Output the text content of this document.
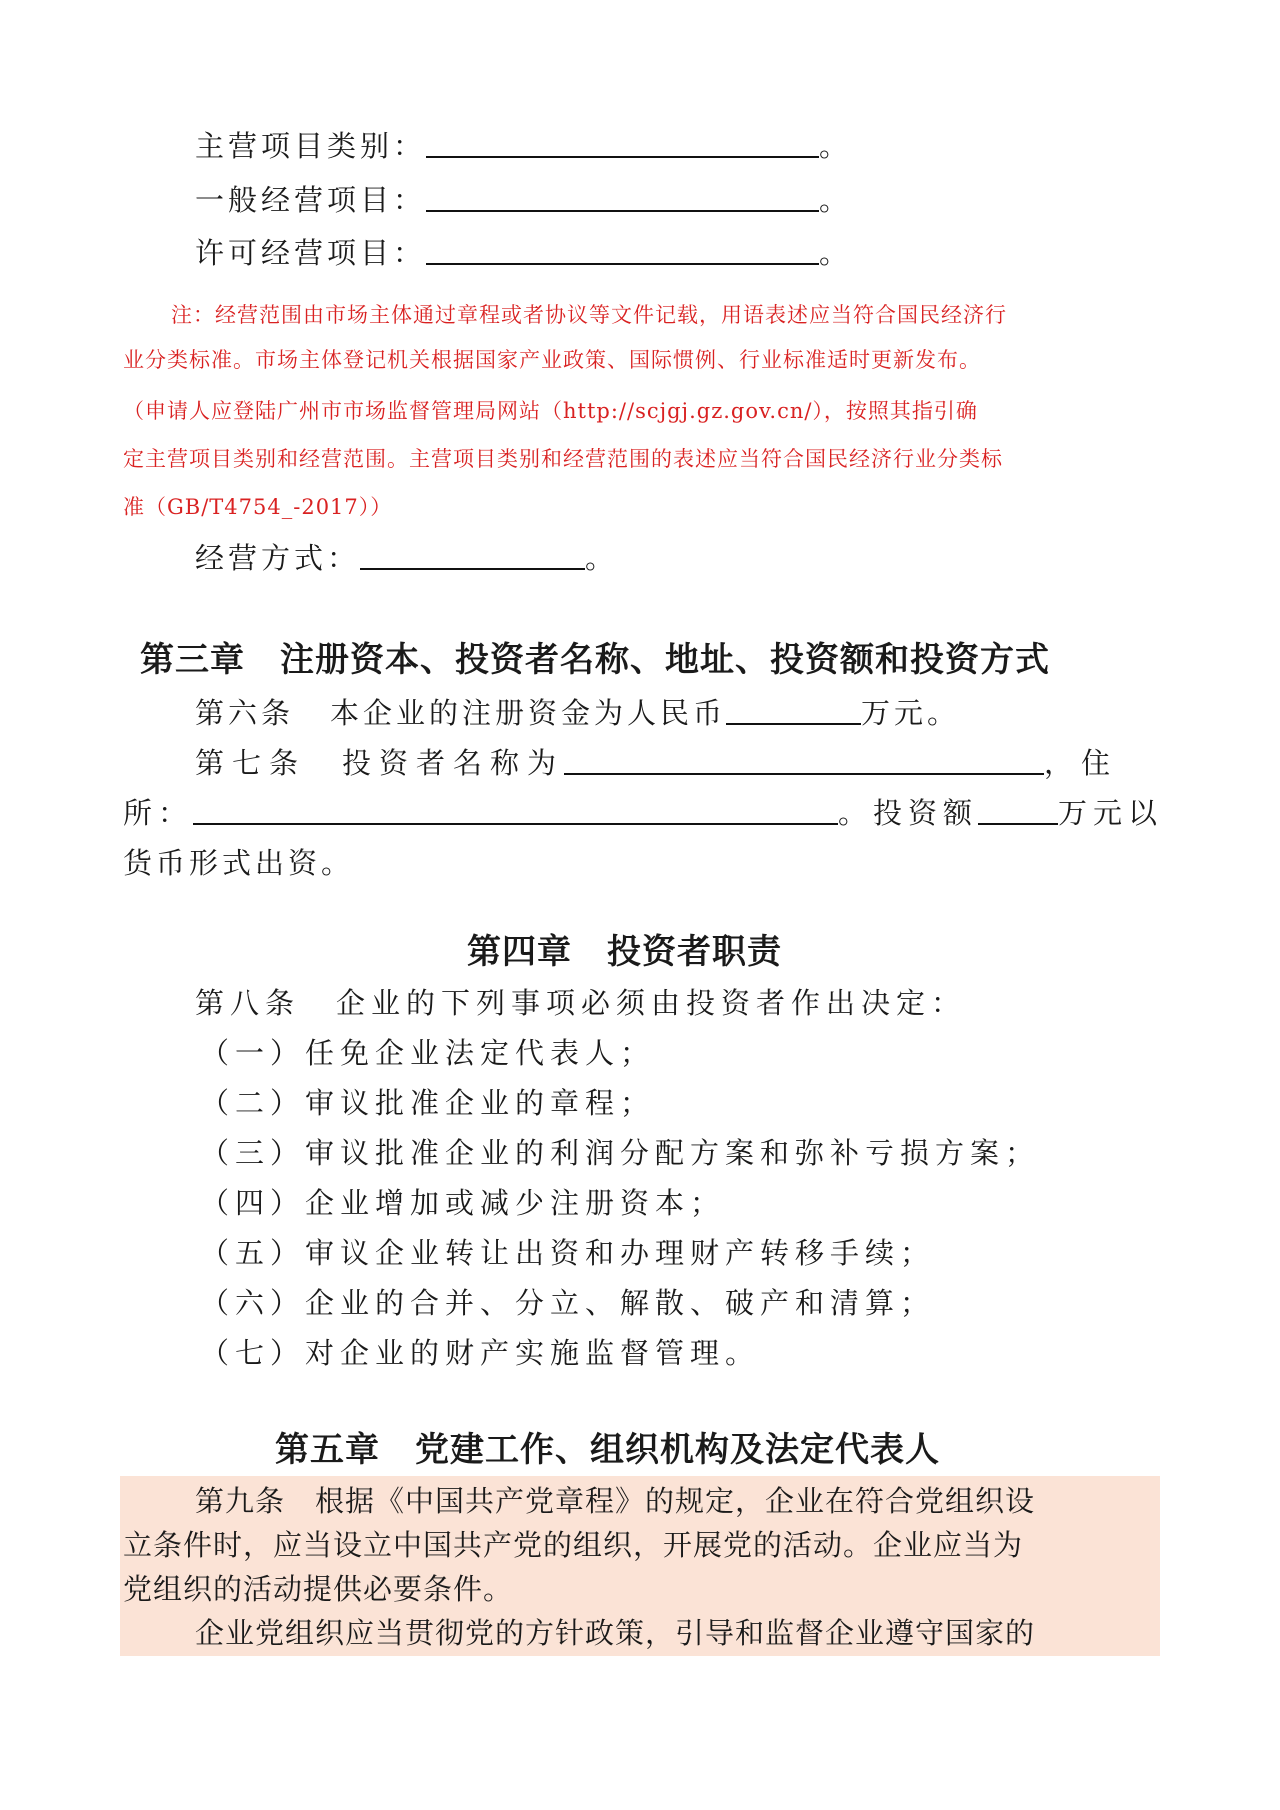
主营项目类别：	。
一般经营项目：	。
许可经营项目：	。
注：经营范围由市场主体通过章程或者协议等文件记载，用语表述应当符合国民经济行
业分类标准。市场主体登记机关根据国家产业政策、国际惯例、行业标准适时更新发布。
（申请人应登陆广州市市场监督管理局网站（http://scjgj.gz.gov.cn/），按照其指引确
定主营项目类别和经营范围。主营项目类别和经营范围的表述应当符合国民经济行业分类标
准（GB/T4754_-2017））
经营方式：	。
第三章　注册资本、投资者名称、地址、投资额和投资方式
第六条 本企业的注册资金为人民币	万元。
第七条 投资者名称为	，住
所：	。投资额	万元以
货币形式出资。
第四章　投资者职责
第八条 企业的下列事项必须由投资者作出决定：
（一）任免企业法定代表人；
（二）审议批准企业的章程；
（三）审议批准企业的利润分配方案和弥补亏损方案；
（四）企业增加或减少注册资本；
（五）审议企业转让出资和办理财产转移手续；
（六）企业的合并、分立、解散、破产和清算；
（七）对企业的财产实施监督管理。
第五章　党建工作、组织机构及法定代表人
第九条　根据《中国共产党章程》的规定，企业在符合党组织设
立条件时，应当设立中国共产党的组织，开展党的活动。企业应当为
党组织的活动提供必要条件。
企业党组织应当贯彻党的方针政策，引导和监督企业遵守国家的
